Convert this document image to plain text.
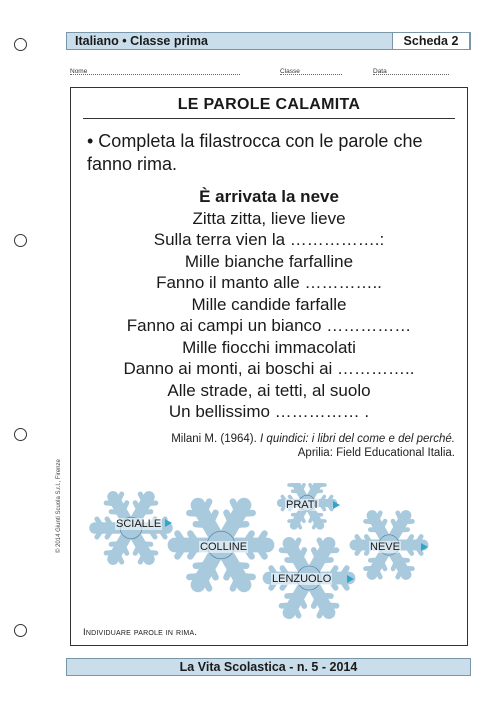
Italiano • Classe prima	Scheda 2
Nome	Classe	Data
LE PAROLE CALAMITA
• Completa la filastrocca con le parole che fanno rima.
È arrivata la neve
Zitta zitta, lieve lieve
Sulla terra vien la …………….:
Mille bianche farfalline
Fanno il manto alle …………..
Mille candide farfalle
Fanno ai campi un bianco ……………
Mille fiocchi immacolati
Danno ai monti, ai boschi ai …………..
Alle strade, ai tetti, al suolo
Un bellissimo …………… .
Milani M. (1964). I quindici: i libri del come e del perché.
Aprilia: Field Educational Italia.
SCIALLE
PRATI
COLLINE	NEVE
LENZUOLO
Individuare parole in rima.
© 2014 Giunti Scuola S.r.l., Firenze
La Vita Scolastica - n. 5 - 2014
